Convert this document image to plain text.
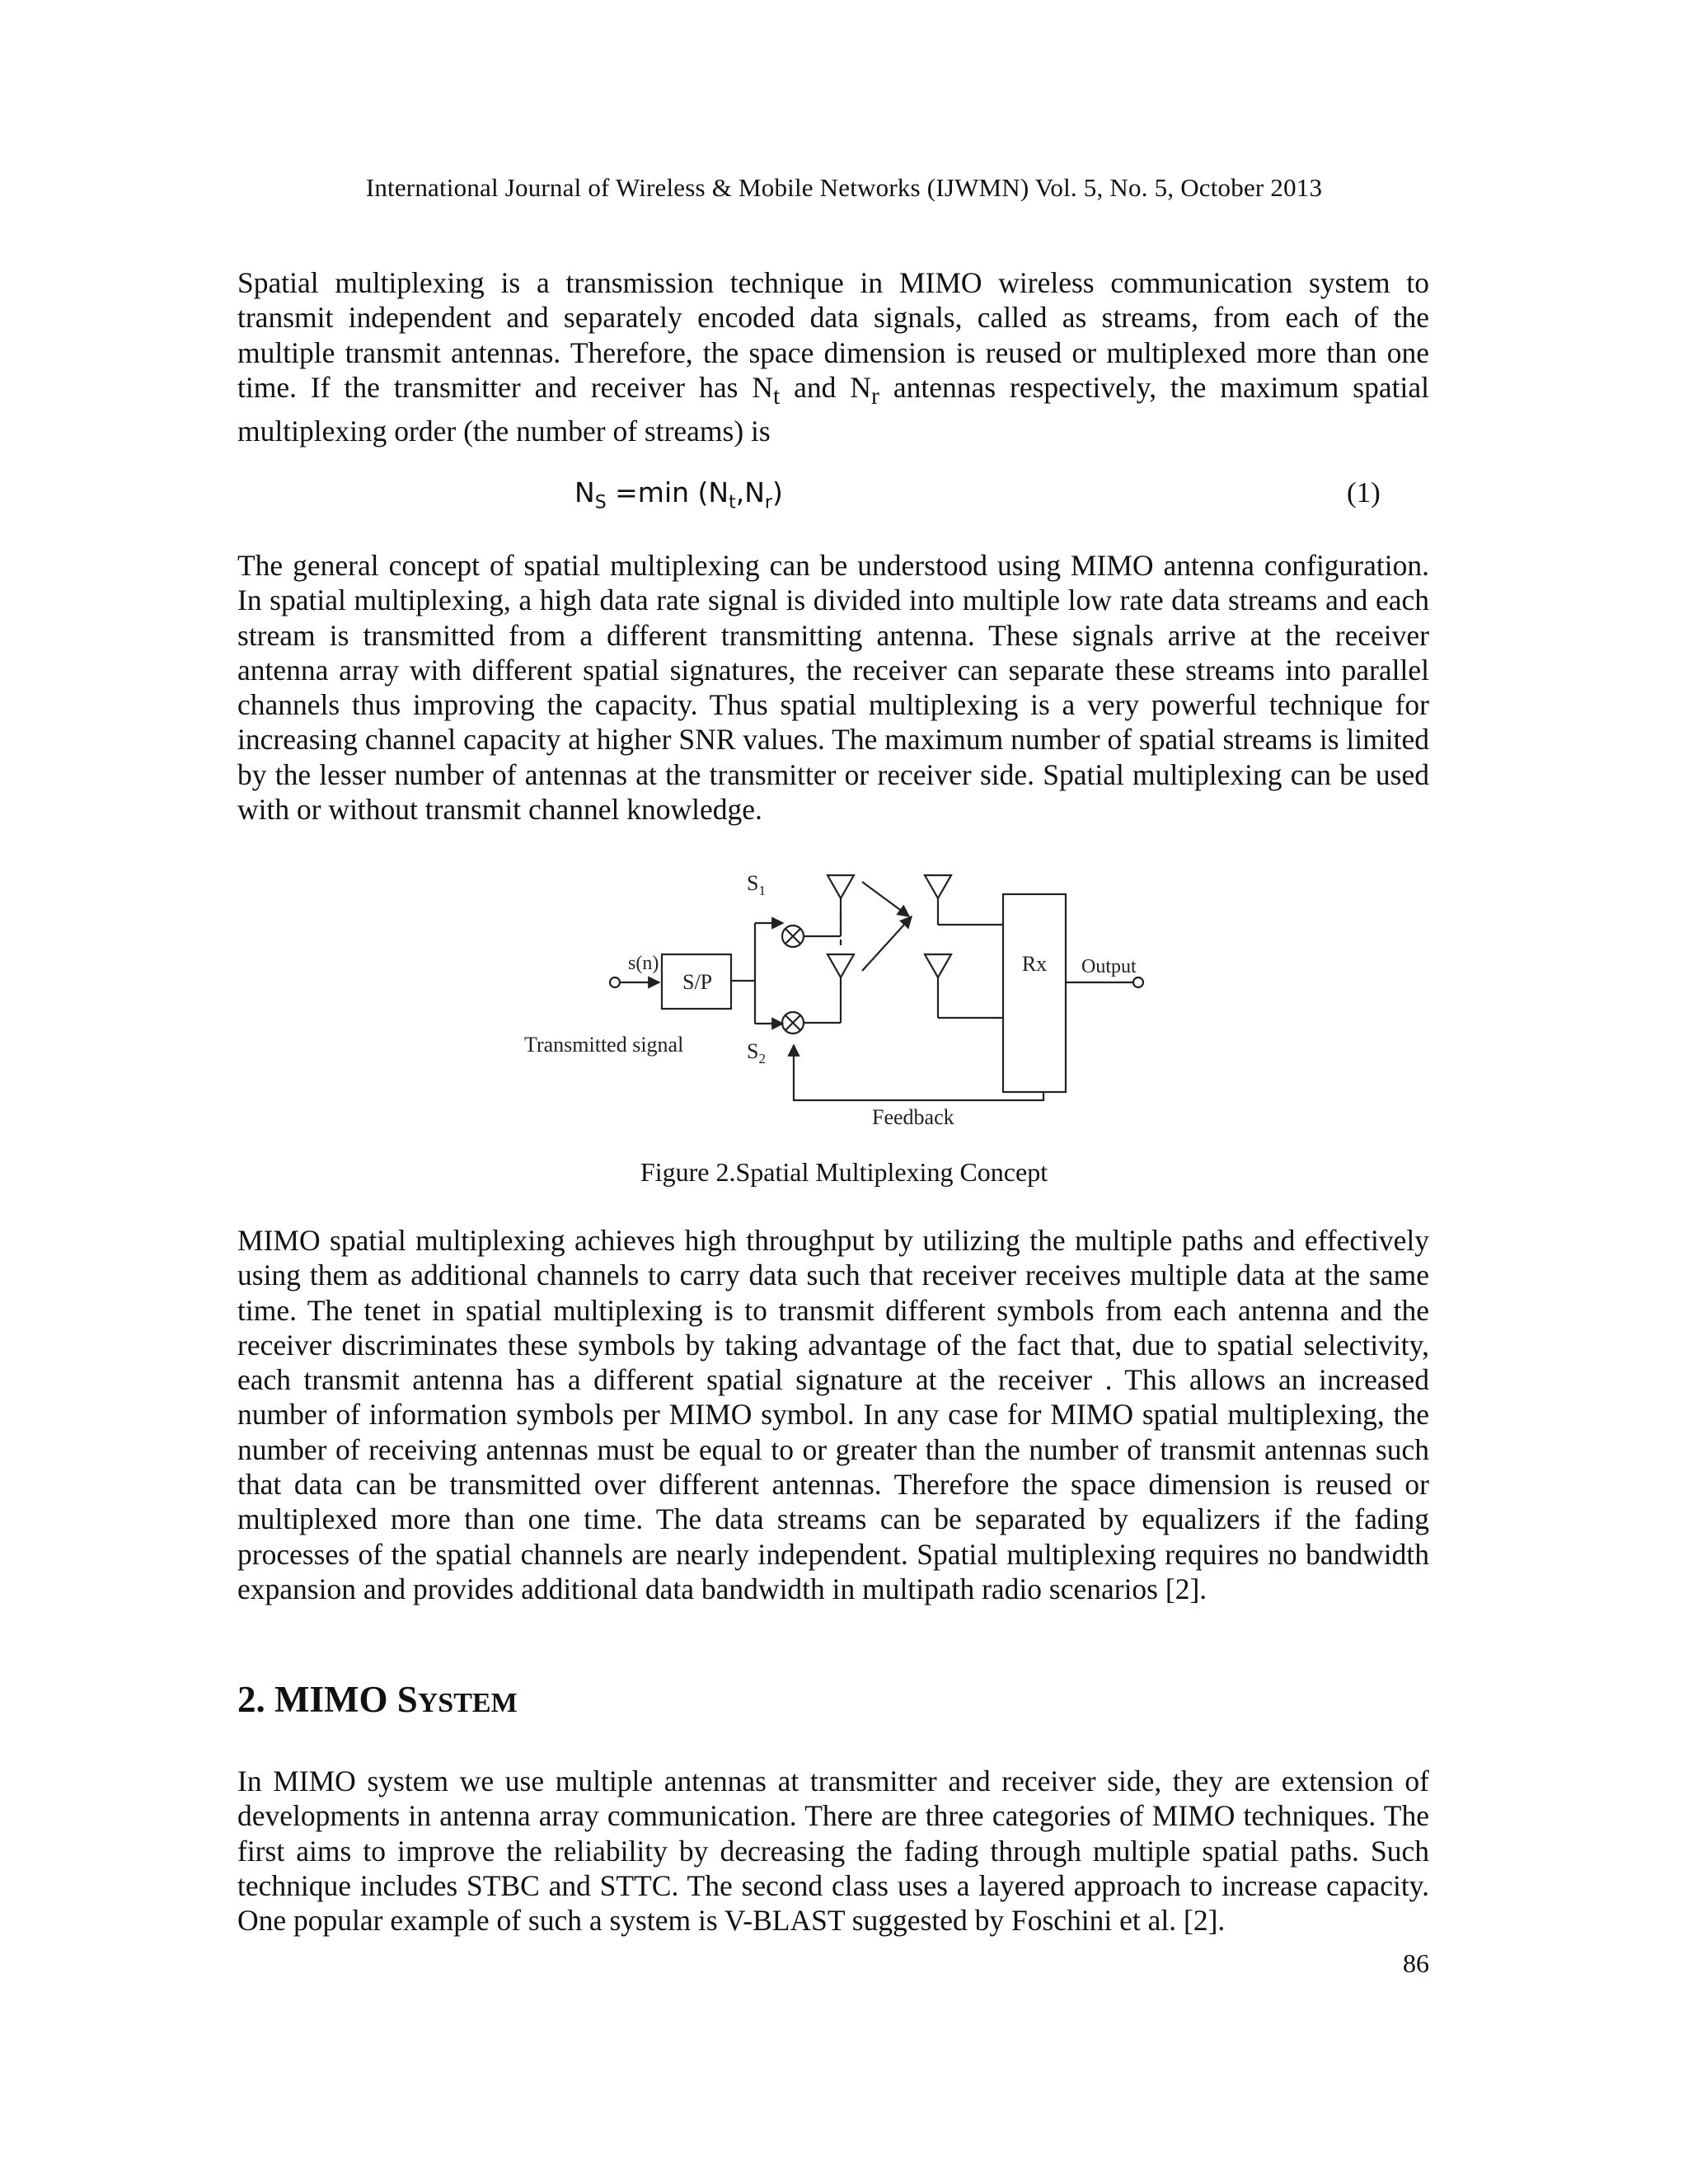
International Journal of Wireless & Mobile Networks (IJWMN) Vol. 5, No. 5, October 2013

Spatial multiplexing is a transmission technique in MIMO wireless communication system to transmit independent and separately encoded data signals, called as streams, from each of the multiple transmit antennas. Therefore, the space dimension is reused or multiplexed more than one time. If the transmitter and receiver has $N_t$ and $N_r$ antennas respectively, the maximum spatial multiplexing order (the number of streams) is

$N_S =\min$ $(N_t,N_r)$	(1)

The general concept of spatial multiplexing can be understood using MIMO antenna configuration. In spatial multiplexing, a high data rate signal is divided into multiple low rate data streams and each stream is transmitted from a different transmitting antenna. These signals arrive at the receiver antenna array with different spatial signatures, the receiver can separate these streams into parallel channels thus improving the capacity. Thus spatial multiplexing is a very powerful technique for increasing channel capacity at higher SNR values. The maximum number of spatial streams is limited by the lesser number of antennas at the transmitter or receiver side. Spatial multiplexing can be used with or without transmit channel knowledge.

s(n)
S/P
$S_1$
$S_2$
Rx Output
Transmitted signal
Feedback
Figure 2.Spatial Multiplexing Concept

MIMO spatial multiplexing achieves high throughput by utilizing the multiple paths and effectively using them as additional channels to carry data such that receiver receives multiple data at the same time. The tenet in spatial multiplexing is to transmit different symbols from each antenna and the receiver discriminates these symbols by taking advantage of the fact that, due to spatial selectivity, each transmit antenna has a different spatial signature at the receiver . This allows an increased number of information symbols per MIMO symbol. In any case for MIMO spatial multiplexing, the number of receiving antennas must be equal to or greater than the number of transmit antennas such that data can be transmitted over different antennas. Therefore the space dimension is reused or multiplexed more than one time. The data streams can be separated by equalizers if the fading processes of the spatial channels are nearly independent. Spatial multiplexing requires no bandwidth expansion and provides additional data bandwidth in multipath radio scenarios [2].

2. MIMO SYSTEM

In MIMO system we use multiple antennas at transmitter and receiver side, they are extension of developments in antenna array communication. There are three categories of MIMO techniques. The first aims to improve the reliability by decreasing the fading through multiple spatial paths. Such technique includes STBC and STTC. The second class uses a layered approach to increase capacity. One popular example of such a system is V-BLAST suggested by Foschini et al. [2].

86
